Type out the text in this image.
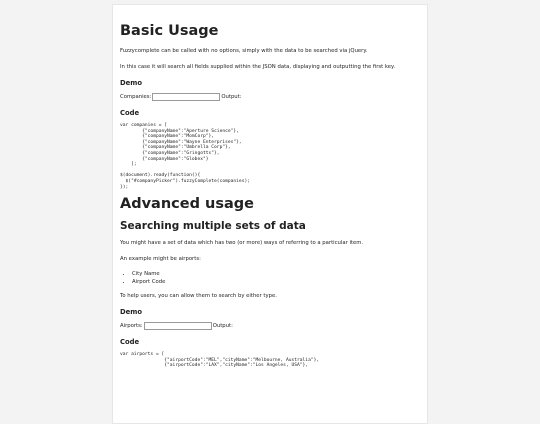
Basic Usage

Fuzzycomplete can be called with no options, simply with the data to be searched via jQuery.

In this case it will search all fields supplied within the JSON data, displaying and outputting the first key.

Demo
Companies:	Output:
Code
var companies = [
{"companyName":"Aperture Science"},
{"companyName":"MomCorp"},
{"companyName":"Wayne Enterprises"},
{"companyName":"Umbrella Corp"},
{"companyName":"Gringotts"},
{"companyName":"Globex"}
];

$(document).ready(function(){
$("#companyPicker").fuzzyComplete(companies);
});
Advanced usage
Searching multiple sets of data

You might have a set of data which has two (or more) ways of referring to a particular item.

An example might be airports:

• City Name
• Airport Code

To help users, you can allow them to search by either type.

Demo
Airports:	Output:
Code
var airports = [
{"airportCode":"MEL","cityName":"Melbourne, Australia"},
{"airportCode":"LAX","cityName":"Los Angeles, USA"},
